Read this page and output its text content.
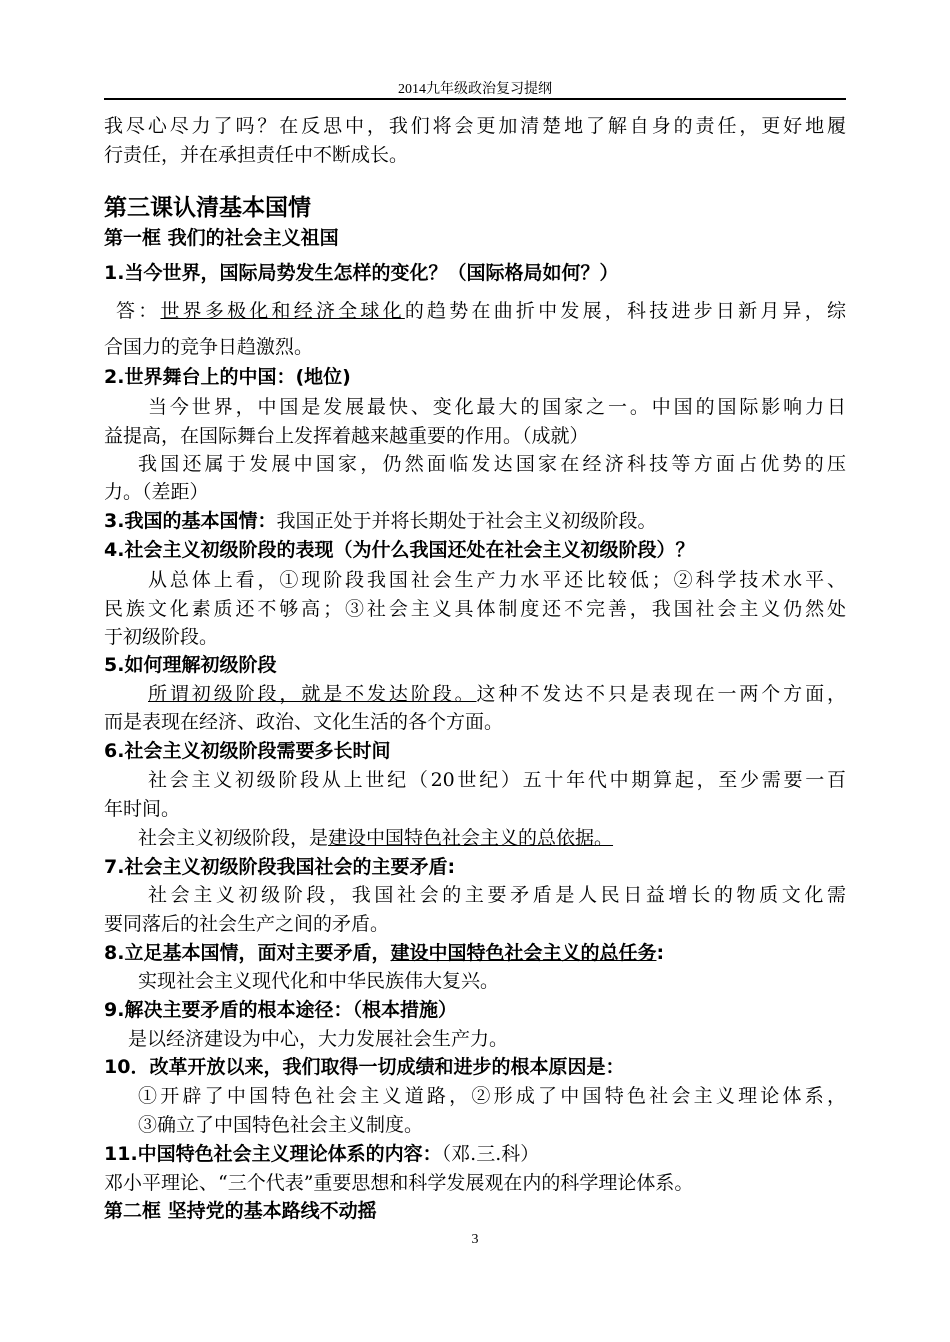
2014九年级政治复习提纲
我尽心尽力了吗？在反思中，我们将会更加清楚地了解自身的责任，更好地履
行责任，并在承担责任中不断成长。
第三课认清基本国情
第一框 我们的社会主义祖国
1.当今世界，国际局势发生怎样的变化？（国际格局如何？）
答：世界多极化和经济全球化的趋势在曲折中发展，科技进步日新月异，综
合国力的竞争日趋激烈。
2.世界舞台上的中国：(地位)
当今世界，中国是发展最快、变化最大的国家之一。中国的国际影响力日
益提高，在国际舞台上发挥着越来越重要的作用。（成就）
我国还属于发展中国家，仍然面临发达国家在经济科技等方面占优势的压
力。（差距）
3.我国的基本国情：我国正处于并将长期处于社会主义初级阶段。
4.社会主义初级阶段的表现（为什么我国还处在社会主义初级阶段）？
从总体上看，①现阶段我国社会生产力水平还比较低；②科学技术水平、
民族文化素质还不够高；③社会主义具体制度还不完善，我国社会主义仍然处
于初级阶段。
5.如何理解初级阶段
所谓初级阶段，就是不发达阶段。这种不发达不只是表现在一两个方面，
而是表现在经济、政治、文化生活的各个方面。
6.社会主义初级阶段需要多长时间
社会主义初级阶段从上世纪（20世纪）五十年代中期算起，至少需要一百
年时间。
社会主义初级阶段，是建设中国特色社会主义的总依据。
7.社会主义初级阶段我国社会的主要矛盾:
社会主义初级阶段，我国社会的主要矛盾是人民日益增长的物质文化需
要同落后的社会生产之间的矛盾。
8.立足基本国情，面对主要矛盾，建设中国特色社会主义的总任务:
实现社会主义现代化和中华民族伟大复兴。
9.解决主要矛盾的根本途径：（根本措施）
是以经济建设为中心，大力发展社会生产力。
10．改革开放以来，我们取得一切成绩和进步的根本原因是：
①开辟了中国特色社会主义道路，②形成了中国特色社会主义理论体系，
③确立了中国特色社会主义制度。
11.中国特色社会主义理论体系的内容：（邓.三.科）
邓小平理论、“三个代表”重要思想和科学发展观在内的科学理论体系。
第二框 坚持党的基本路线不动摇
3
